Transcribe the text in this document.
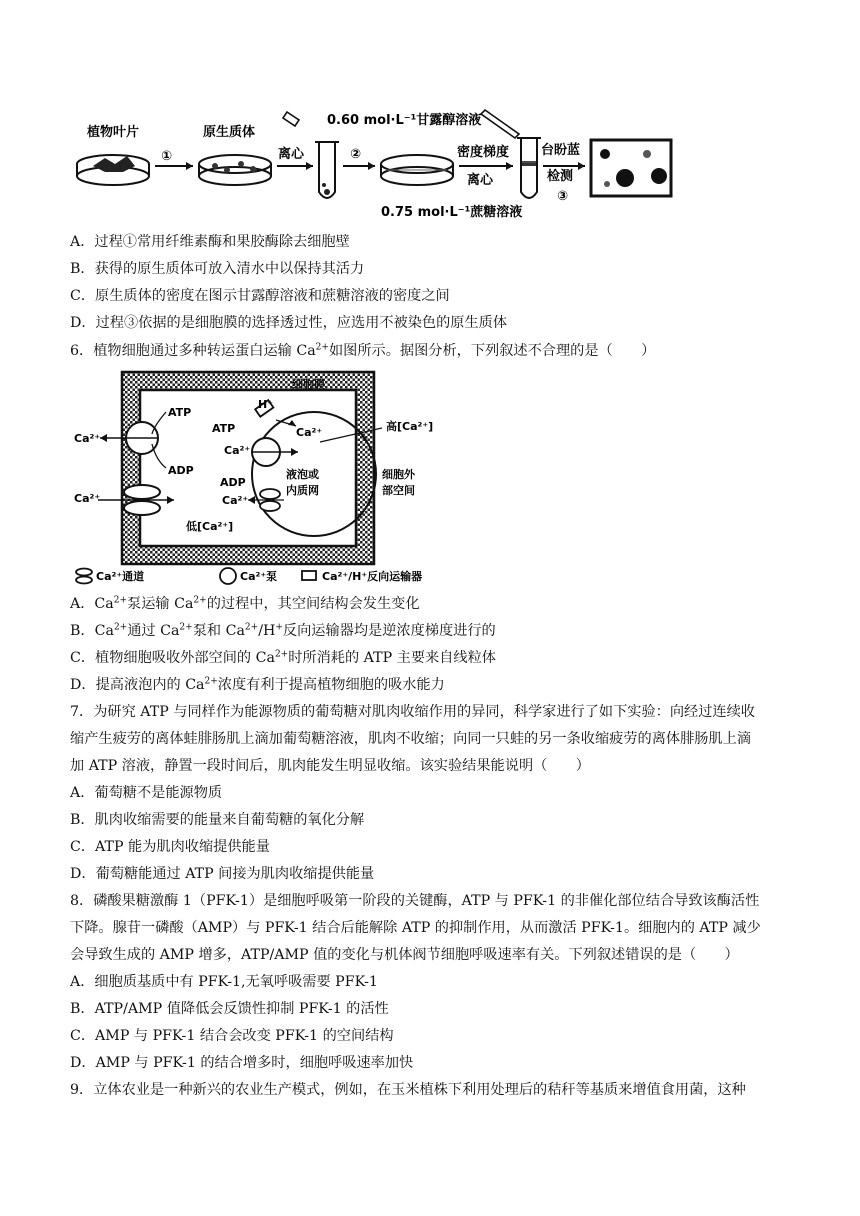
植物叶片
①
原生质体
离心	②	密度梯度
离心
0.60 mol·L⁻¹甘露醇溶液
0.75 mol·L⁻¹蔗糖溶液
台盼蓝
检测
③
A．过程①常用纤维素酶和果胶酶除去细胞壁
B．获得的原生质体可放入清水中以保持其活力
C．原生质体的密度在图示甘露醇溶液和蔗糖溶液的密度之间
D．过程③依据的是细胞膜的选择透过性，应选用不被染色的原生质体
6．植物细胞通过多种转运蛋白运输 $Ca^{2+}$如图所示。据图分析，下列叙述不合理的是（　　）
细胞膜
ATP
ADP
Ca²⁺
Ca²⁺
低[Ca²⁺]
液泡或
内质网
H⁺
Ca²⁺
ATP
Ca²⁺
ADP
Ca²⁺
高[Ca²⁺]
细胞外
部空间
Ca²⁺通道	Ca²⁺泵	Ca²⁺/H⁺反向运输器
A．$Ca^{2+}$泵运输 $Ca^{2+}$的过程中，其空间结构会发生变化
B．$Ca^{2+}$通过 $Ca^{2+}$泵和 $Ca^{2+}/H^+$反向运输器均是逆浓度梯度进行的
C．植物细胞吸收外部空间的 $Ca^{2+}$时所消耗的 ATP 主要来自线粒体
D．提高液泡内的 $Ca^{2+}$浓度有利于提高植物细胞的吸水能力
7．为研究 ATP 与同样作为能源物质的葡萄糖对肌肉收缩作用的异同，科学家进行了如下实验：向经过连续收
缩产生疲劳的离体蛙腓肠肌上滴加葡萄糖溶液，肌肉不收缩；向同一只蛙的另一条收缩疲劳的离体腓肠肌上滴
加 ATP 溶液，静置一段时间后，肌肉能发生明显收缩。该实验结果能说明（　　）
A．葡萄糖不是能源物质
B．肌肉收缩需要的能量来自葡萄糖的氧化分解
C．ATP 能为肌肉收缩提供能量
D．葡萄糖能通过 ATP 间接为肌肉收缩提供能量
8．磷酸果糖激酶 1（PFK-1）是细胞呼吸第一阶段的关键酶，ATP 与 PFK-1 的非催化部位结合导致该酶活性
下降。腺苷一磷酸（AMP）与 PFK-1 结合后能解除 ATP 的抑制作用，从而激活 PFK-1。细胞内的 ATP 减少
会导致生成的 AMP 增多，ATP/AMP 值的变化与机体阀节细胞呼吸速率有关。下列叙述错误的是（　　）
A．细胞质基质中有 PFK-1,无氧呼吸需要 PFK-1
B．ATP/AMP 值降低会反馈性抑制 PFK-1 的活性
C．AMP 与 PFK-1 结合会改变 PFK-1 的空间结构
D．AMP 与 PFK-1 的结合增多时，细胞呼吸速率加快
9．立体农业是一种新兴的农业生产模式，例如，在玉米植株下利用处理后的秸秆等基质来增值食用菌，这种
